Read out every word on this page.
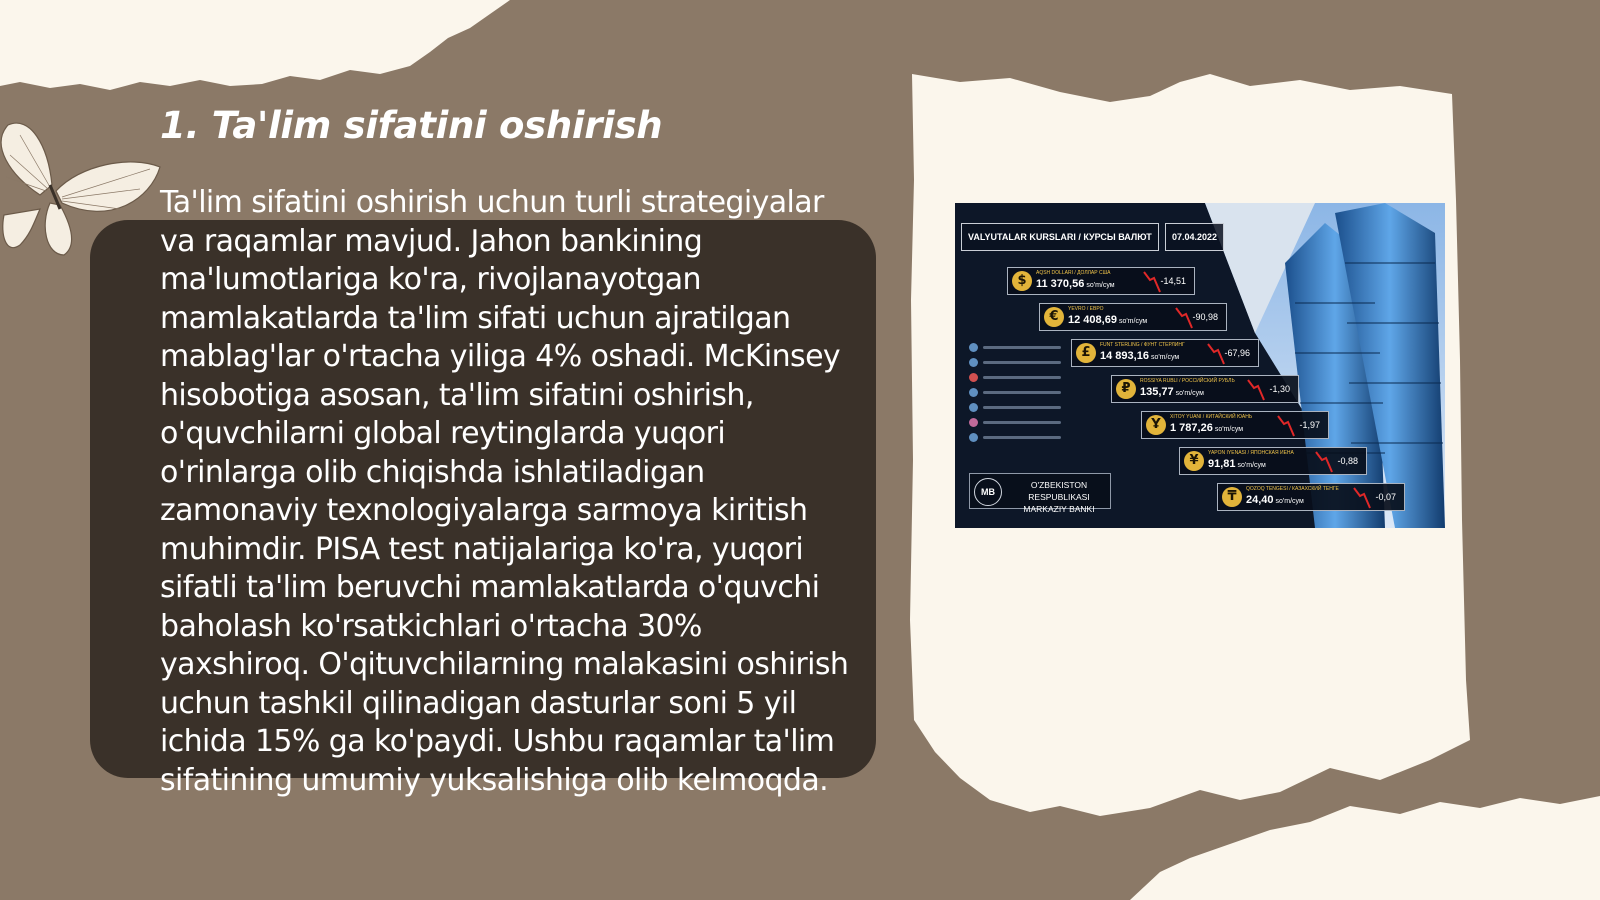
1. Ta'lim sifatini oshirish

Ta'lim sifatini oshirish uchun turli strategiyalar va raqamlar mavjud. Jahon bankining ma'lumotlariga ko'ra, rivojlanayotgan mamlakatlarda ta'lim sifati uchun ajratilgan mablag'lar o'rtacha yiliga 4% oshadi. McKinsey hisobotiga asosan, ta'lim sifatini oshirish, o'quvchilarni global reytinglarda yuqori o'rinlarga olib chiqishda ishlatiladigan zamonaviy texnologiyalarga sarmoya kiritish muhimdir. PISA test natijalariga ko'ra, yuqori sifatli ta'lim beruvchi mamlakatlarda o'quvchi baholash ko'rsatkichlari o'rtacha 30% yaxshiroq. O'qituvchilarning malakasini oshirish uchun tashkil qilinadigan dasturlar soni 5 yil ichida 15% ga ko'paydi. Ushbu raqamlar ta'lim sifatining umumiy yuksalishiga olib kelmoqda.

VALYUTALAR KURSLARI / КУРСЫ ВАЛЮТ	07.04.2022
$	AQSH DOLLARI / ДОЛЛАР США
11 370,56 so'm/сум	-14,51
€	YEVRO / ЕВРО
12 408,69 so'm/сум	-90,98
£	FUNT STERLING / ФУНТ СТЕРЛИНГ
14 893,16 so'm/сум	-67,96
₽	ROSSIYA RUBLI / РОССИЙСКИЙ РУБЛЬ
135,77 so'm/сум	-1,30
Ұ	XITOY YUANI / КИТАЙСКИЙ ЮАНЬ
1 787,26 so'm/сум	-1,97
¥	YAPON IYENASI / ЯПОНСКАЯ ИЕНА
91,81 so'm/сум	-0,88
₸	QOZOQ TENGESI / КАЗАХСКИЙ ТЕНГЕ
24,40 so'm/сум	-0,07
MB
O'ZBEKISTON RESPUBLIKASI
MARKAZIY BANKI
